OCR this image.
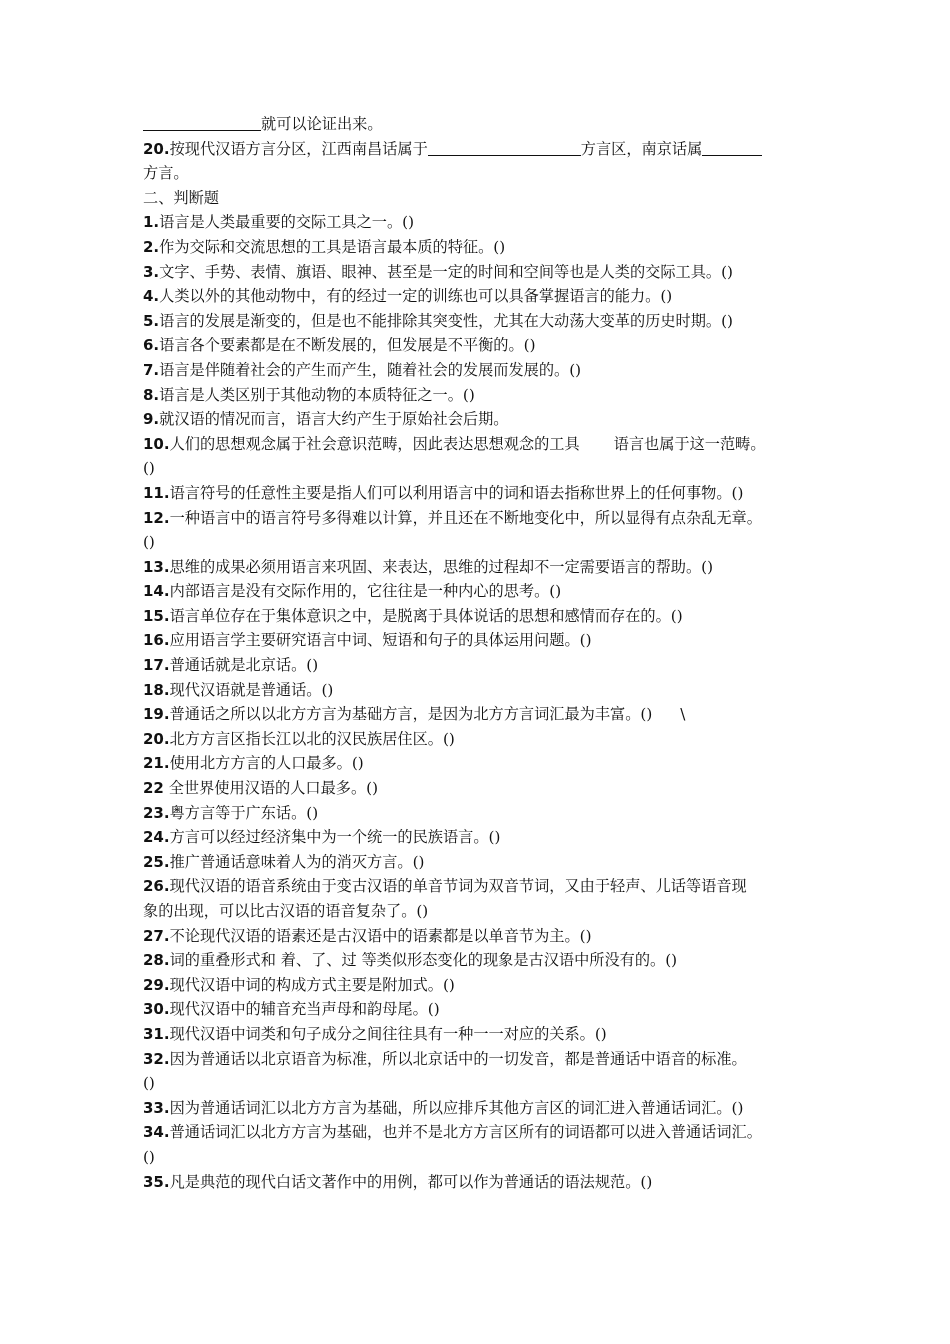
就可以论证出来。
20.按现代汉语方言分区，江西南昌话属于	方言区，南京话属
方言。
二、判断题
1.语言是人类最重要的交际工具之一。()
2.作为交际和交流思想的工具是语言最本质的特征。()
3.文字、手势、表情、旗语、眼神、甚至是一定的时间和空间等也是人类的交际工具。()
4.人类以外的其他动物中，有的经过一定的训练也可以具备掌握语言的能力。()
5.语言的发展是渐变的，但是也不能排除其突变性，尤其在大动荡大变革的历史时期。()
6.语言各个要素都是在不断发展的，但发展是不平衡的。()
7.语言是伴随着社会的产生而产生，随着社会的发展而发展的。()
8.语言是人类区别于其他动物的本质特征之一。()
9.就汉语的情况而言，语言大约产生于原始社会后期。
10.人们的思想观念属于社会意识范畴，因此表达思想观念的工具 语言也属于这一范畴。
()
11.语言符号的任意性主要是指人们可以利用语言中的词和语去指称世界上的任何事物。()
12.一种语言中的语言符号多得难以计算，并且还在不断地变化中，所以显得有点杂乱无章。
()
13.思维的成果必须用语言来巩固、来表达，思维的过程却不一定需要语言的帮助。()
14.内部语言是没有交际作用的，它往往是一种内心的思考。()
15.语言单位存在于集体意识之中，是脱离于具体说话的思想和感情而存在的。()
16.应用语言学主要研究语言中词、短语和句子的具体运用问题。()
17.普通话就是北京话。()
18.现代汉语就是普通话。()
19.普通话之所以以北方方言为基础方言，是因为北方方言词汇最为丰富。() \
20.北方方言区指长江以北的汉民族居住区。()
21.使用北方方言的人口最多。()
22 全世界使用汉语的人口最多。()
23.粤方言等于广东话。()
24.方言可以经过经济集中为一个统一的民族语言。()
25.推广普通话意味着人为的消灭方言。()
26.现代汉语的语音系统由于变古汉语的单音节词为双音节词，又由于轻声、儿话等语音现
象的出现，可以比古汉语的语音复杂了。()
27.不论现代汉语的语素还是古汉语中的语素都是以单音节为主。()
28.词的重叠形式和 着、了、过 等类似形态变化的现象是古汉语中所没有的。()
29.现代汉语中词的构成方式主要是附加式。()
30.现代汉语中的辅音充当声母和韵母尾。()
31.现代汉语中词类和句子成分之间往往具有一种一一对应的关系。()
32.因为普通话以北京语音为标准，所以北京话中的一切发音，都是普通话中语音的标准。
()
33.因为普通话词汇以北方方言为基础，所以应排斥其他方言区的词汇进入普通话词汇。()
34.普通话词汇以北方方言为基础，也并不是北方方言区所有的词语都可以进入普通话词汇。
()
35.凡是典范的现代白话文著作中的用例，都可以作为普通话的语法规范。()
